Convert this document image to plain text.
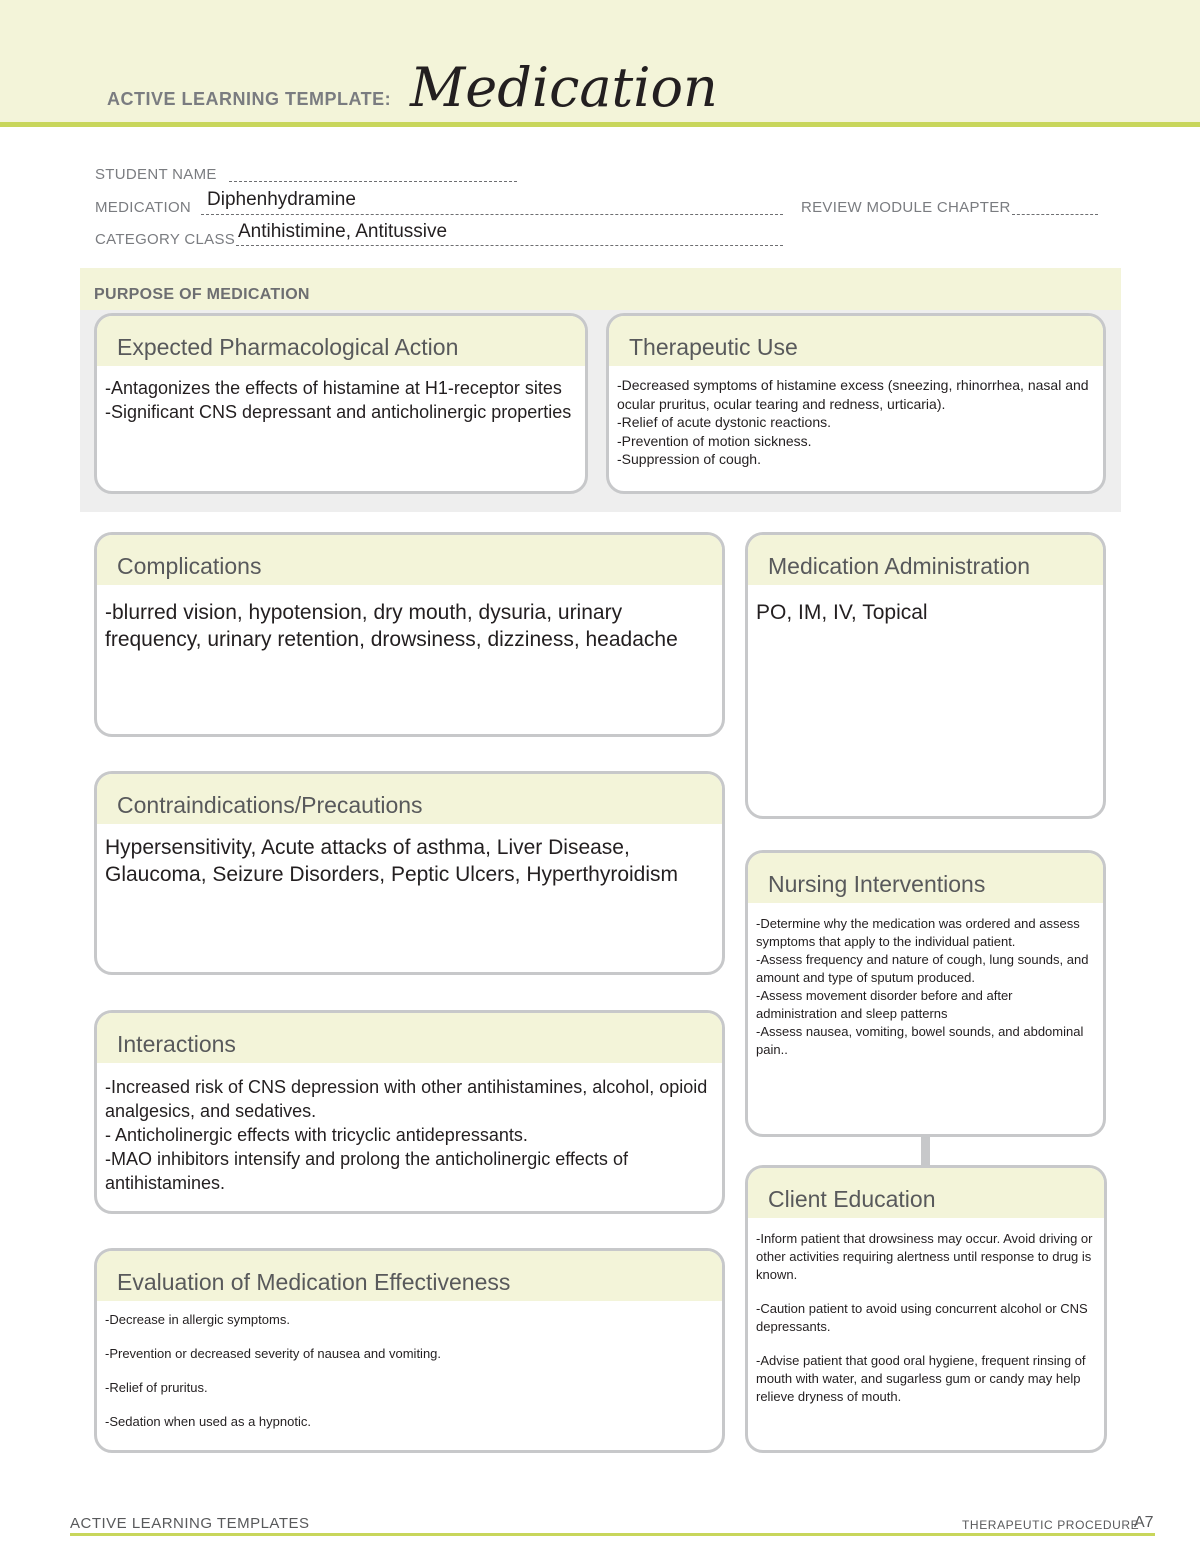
ACTIVE LEARNING TEMPLATE: Medication
STUDENT NAME
MEDICATION Diphenhydramine	REVIEW MODULE CHAPTER
CATEGORY CLASS Antihistimine, Antitussive
PURPOSE OF MEDICATION
Expected Pharmacological Action
-Antagonizes the effects of histamine at H1-receptor sites
-Significant CNS depressant and anticholinergic properties
Therapeutic Use
-Decreased symptoms of histamine excess (sneezing, rhinorrhea, nasal and ocular pruritus, ocular tearing and redness, urticaria).
-Relief of acute dystonic reactions.
-Prevention of motion sickness.
-Suppression of cough.
Complications
-blurred vision, hypotension, dry mouth, dysuria, urinary frequency, urinary retention, drowsiness, dizziness, headache
Medication Administration
PO, IM, IV, Topical
Contraindications/Precautions
Hypersensitivity, Acute attacks of asthma, Liver Disease, Glaucoma, Seizure Disorders, Peptic Ulcers, Hyperthyroidism	Nursing Interventions
-Determine why the medication was ordered and assess symptoms that apply to the individual patient.
-Assess frequency and nature of cough, lung sounds, and amount and type of sputum produced.
-Assess movement disorder before and after administration and sleep patterns
-Assess nausea, vomiting, bowel sounds, and abdominal pain..
Interactions
-Increased risk of CNS depression with other antihistamines, alcohol, opioid analgesics, and sedatives.
- Anticholinergic effects with tricyclic antidepressants.
-MAO inhibitors intensify and prolong the anticholinergic effects of antihistamines.
Client Education
-Inform patient that drowsiness may occur. Avoid driving or other activities requiring alertness until response to drug is known.
-Caution patient to avoid using concurrent alcohol or CNS depressants.
-Advise patient that good oral hygiene, frequent rinsing of mouth with water, and sugarless gum or candy may help relieve dryness of mouth.
Evaluation of Medication Effectiveness
-Decrease in allergic symptoms.
-Prevention or decreased severity of nausea and vomiting.
-Relief of pruritus.
-Sedation when used as a hypnotic.
ACTIVE LEARNING TEMPLATES	THERAPEUTIC PROCEDURE
A7
